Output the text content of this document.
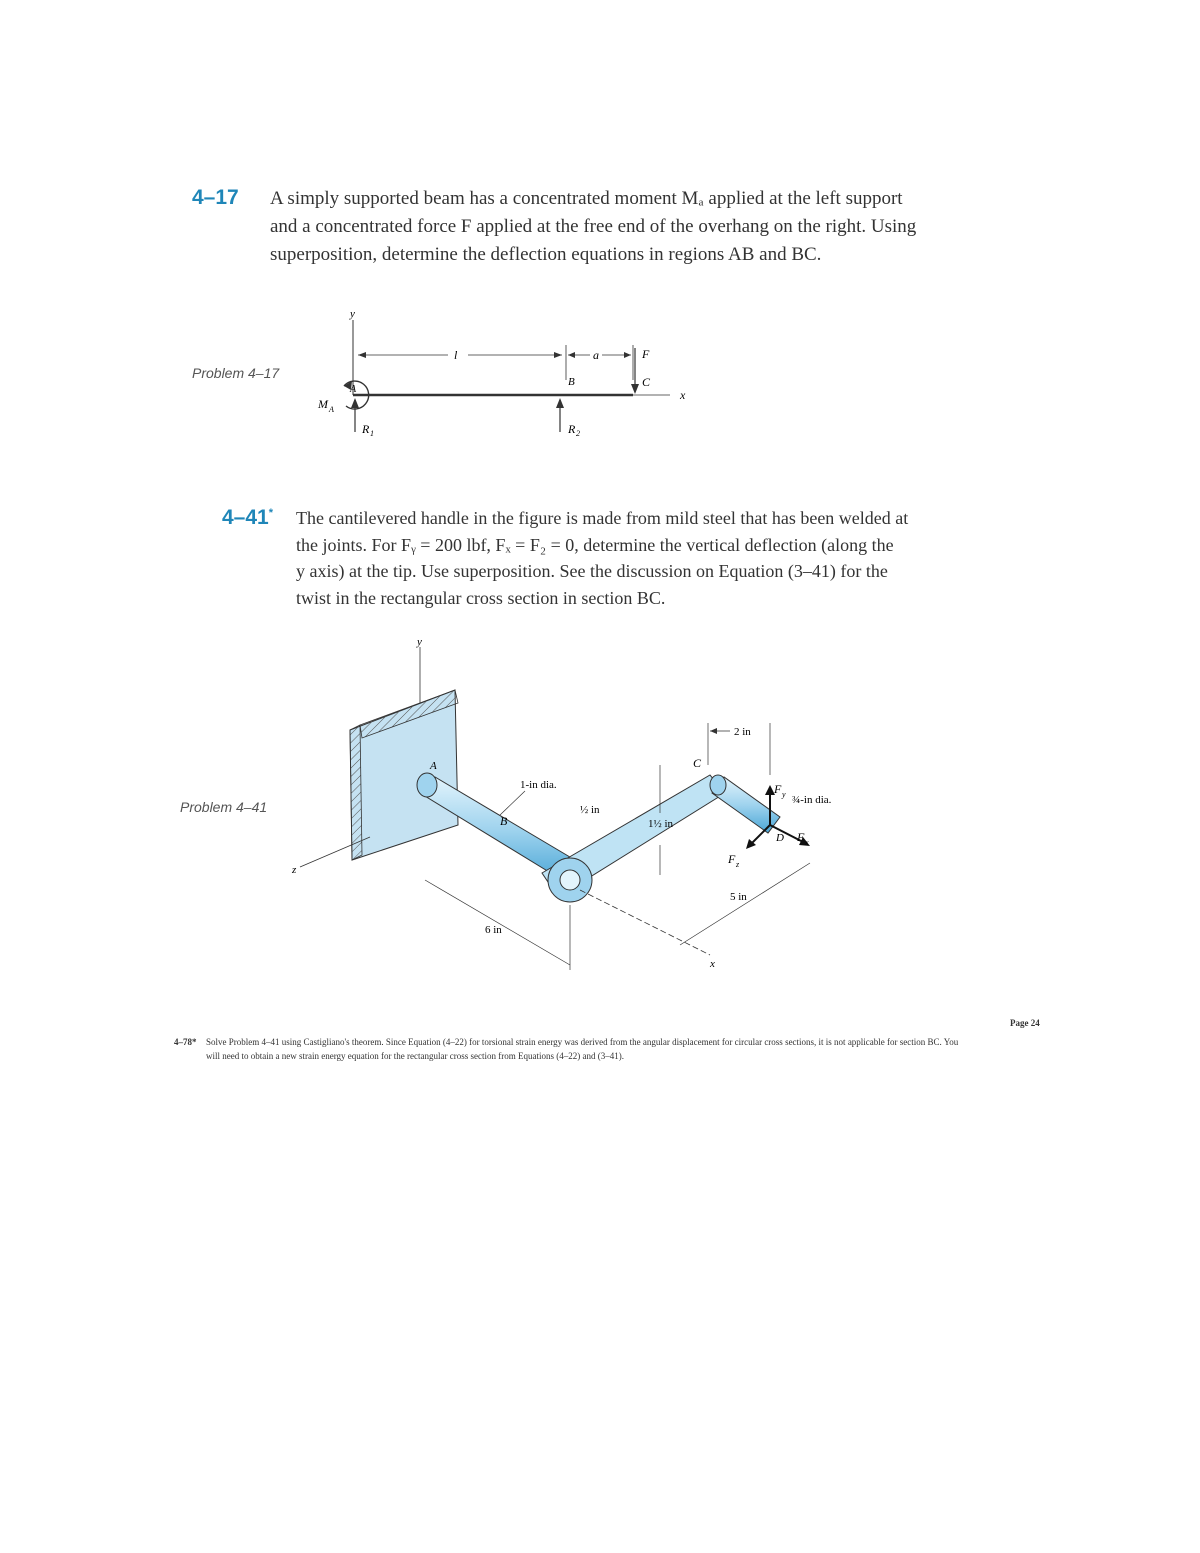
4–17 A simply supported beam has a concentrated moment Mₐ applied at the left support
and a concentrated force F applied at the free end of the overhang on the right. Using
superposition, determine the deflection equations in regions AB and BC.
Problem 4–17
y
l	a
x
F
C
B
A
M A
R 1	R 2
4–41* The cantilevered handle in the figure is made from mild steel that has been welded at
the joints. For Fᵧ = 200 lbf, Fₓ = F₂ = 0, determine the vertical deflection (along the
y axis) at the tip. Use superposition. See the discussion on Equation (3–41) for the
twist in the rectangular cross section in section BC.
Problem 4–41
y
z
A
B
C
D
F y ¾-in dia.
F x
F z
1-in dia.
½ in
1½ in
2 in
5 in
6 in
x
Page 24
4–78* Solve Problem 4–41 using Castigliano's theorem. Since Equation (4–22) for torsional strain energy was derived from the angular displacement for circular cross sections, it is not applicable for section BC. You
will need to obtain a new strain energy equation for the rectangular cross section from Equations (4–22) and (3–41).
